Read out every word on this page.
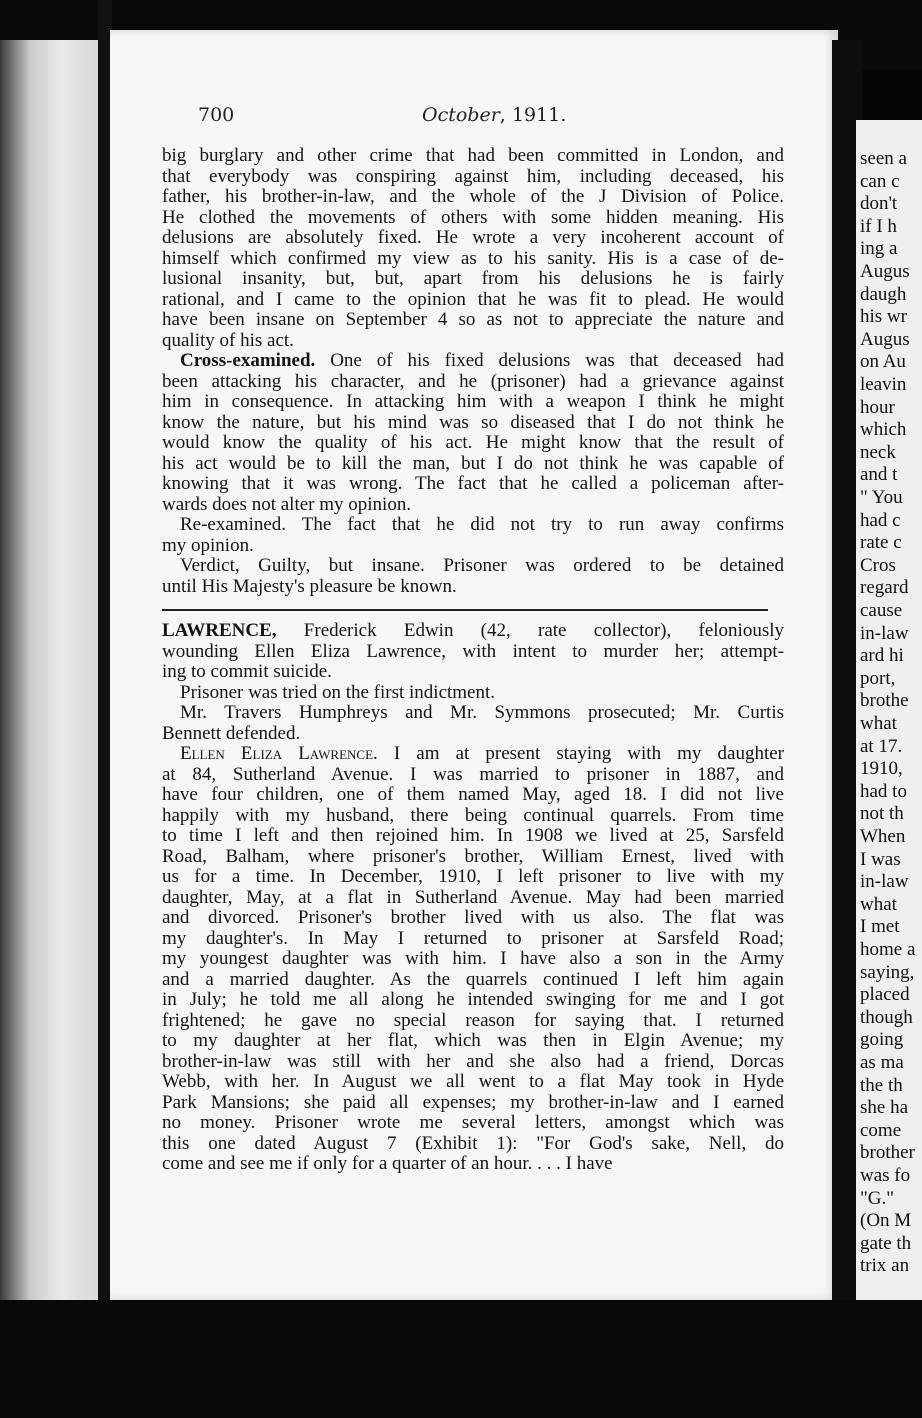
seen a
can c
don't
if I h
ing a
Augus
daugh
his wr
Augus
on Au
leavin
hour
which
neck
and t
" You
had c
rate c
Cros
regard
cause
in-law
ard hi
port,
brothe
what
at 17.
1910,
had to
not th
When
I was
in-law
what
I met
home a
saying,
placed
though
going
as ma
the th
she ha
come
brother
was fo
"G."
(On M
gate th
trix an
700	October, 1911.
big burglary and other crime that had been committed in London, and
that everybody was conspiring against him, including deceased, his
father, his brother-in-law, and the whole of the J Division of Police.
He clothed the movements of others with some hidden meaning. His
delusions are absolutely fixed. He wrote a very incoherent account of
himself which confirmed my view as to his sanity. His is a case of de-
lusional insanity, but, but, apart from his delusions he is fairly
rational, and I came to the opinion that he was fit to plead. He would
have been insane on September 4 so as not to appreciate the nature and
quality of his act.
Cross-examined. One of his fixed delusions was that deceased had
been attacking his character, and he (prisoner) had a grievance against
him in consequence. In attacking him with a weapon I think he might
know the nature, but his mind was so diseased that I do not think he
would know the quality of his act. He might know that the result of
his act would be to kill the man, but I do not think he was capable of
knowing that it was wrong. The fact that he called a policeman after-
wards does not alter my opinion.
Re-examined. The fact that he did not try to run away confirms
my opinion.
Verdict, Guilty, but insane. Prisoner was ordered to be detained
until His Majesty's pleasure be known.
LAWRENCE, Frederick Edwin (42, rate collector), feloniously
wounding Ellen Eliza Lawrence, with intent to murder her; attempt-
ing to commit suicide.
Prisoner was tried on the first indictment.
Mr. Travers Humphreys and Mr. Symmons prosecuted; Mr. Curtis
Bennett defended.
Ellen Eliza Lawrence. I am at present staying with my daughter
at 84, Sutherland Avenue. I was married to prisoner in 1887, and
have four children, one of them named May, aged 18. I did not live
happily with my husband, there being continual quarrels. From time
to time I left and then rejoined him. In 1908 we lived at 25, Sarsfeld
Road, Balham, where prisoner's brother, William Ernest, lived with
us for a time. In December, 1910, I left prisoner to live with my
daughter, May, at a flat in Sutherland Avenue. May had been married
and divorced. Prisoner's brother lived with us also. The flat was
my daughter's. In May I returned to prisoner at Sarsfeld Road;
my youngest daughter was with him. I have also a son in the Army
and a married daughter. As the quarrels continued I left him again
in July; he told me all along he intended swinging for me and I got
frightened; he gave no special reason for saying that. I returned
to my daughter at her flat, which was then in Elgin Avenue; my
brother-in-law was still with her and she also had a friend, Dorcas
Webb, with her. In August we all went to a flat May took in Hyde
Park Mansions; she paid all expenses; my brother-in-law and I earned
no money. Prisoner wrote me several letters, amongst which was
this one dated August 7 (Exhibit 1): "For God's sake, Nell, do
come and see me if only for a quarter of an hour. . . . I have
